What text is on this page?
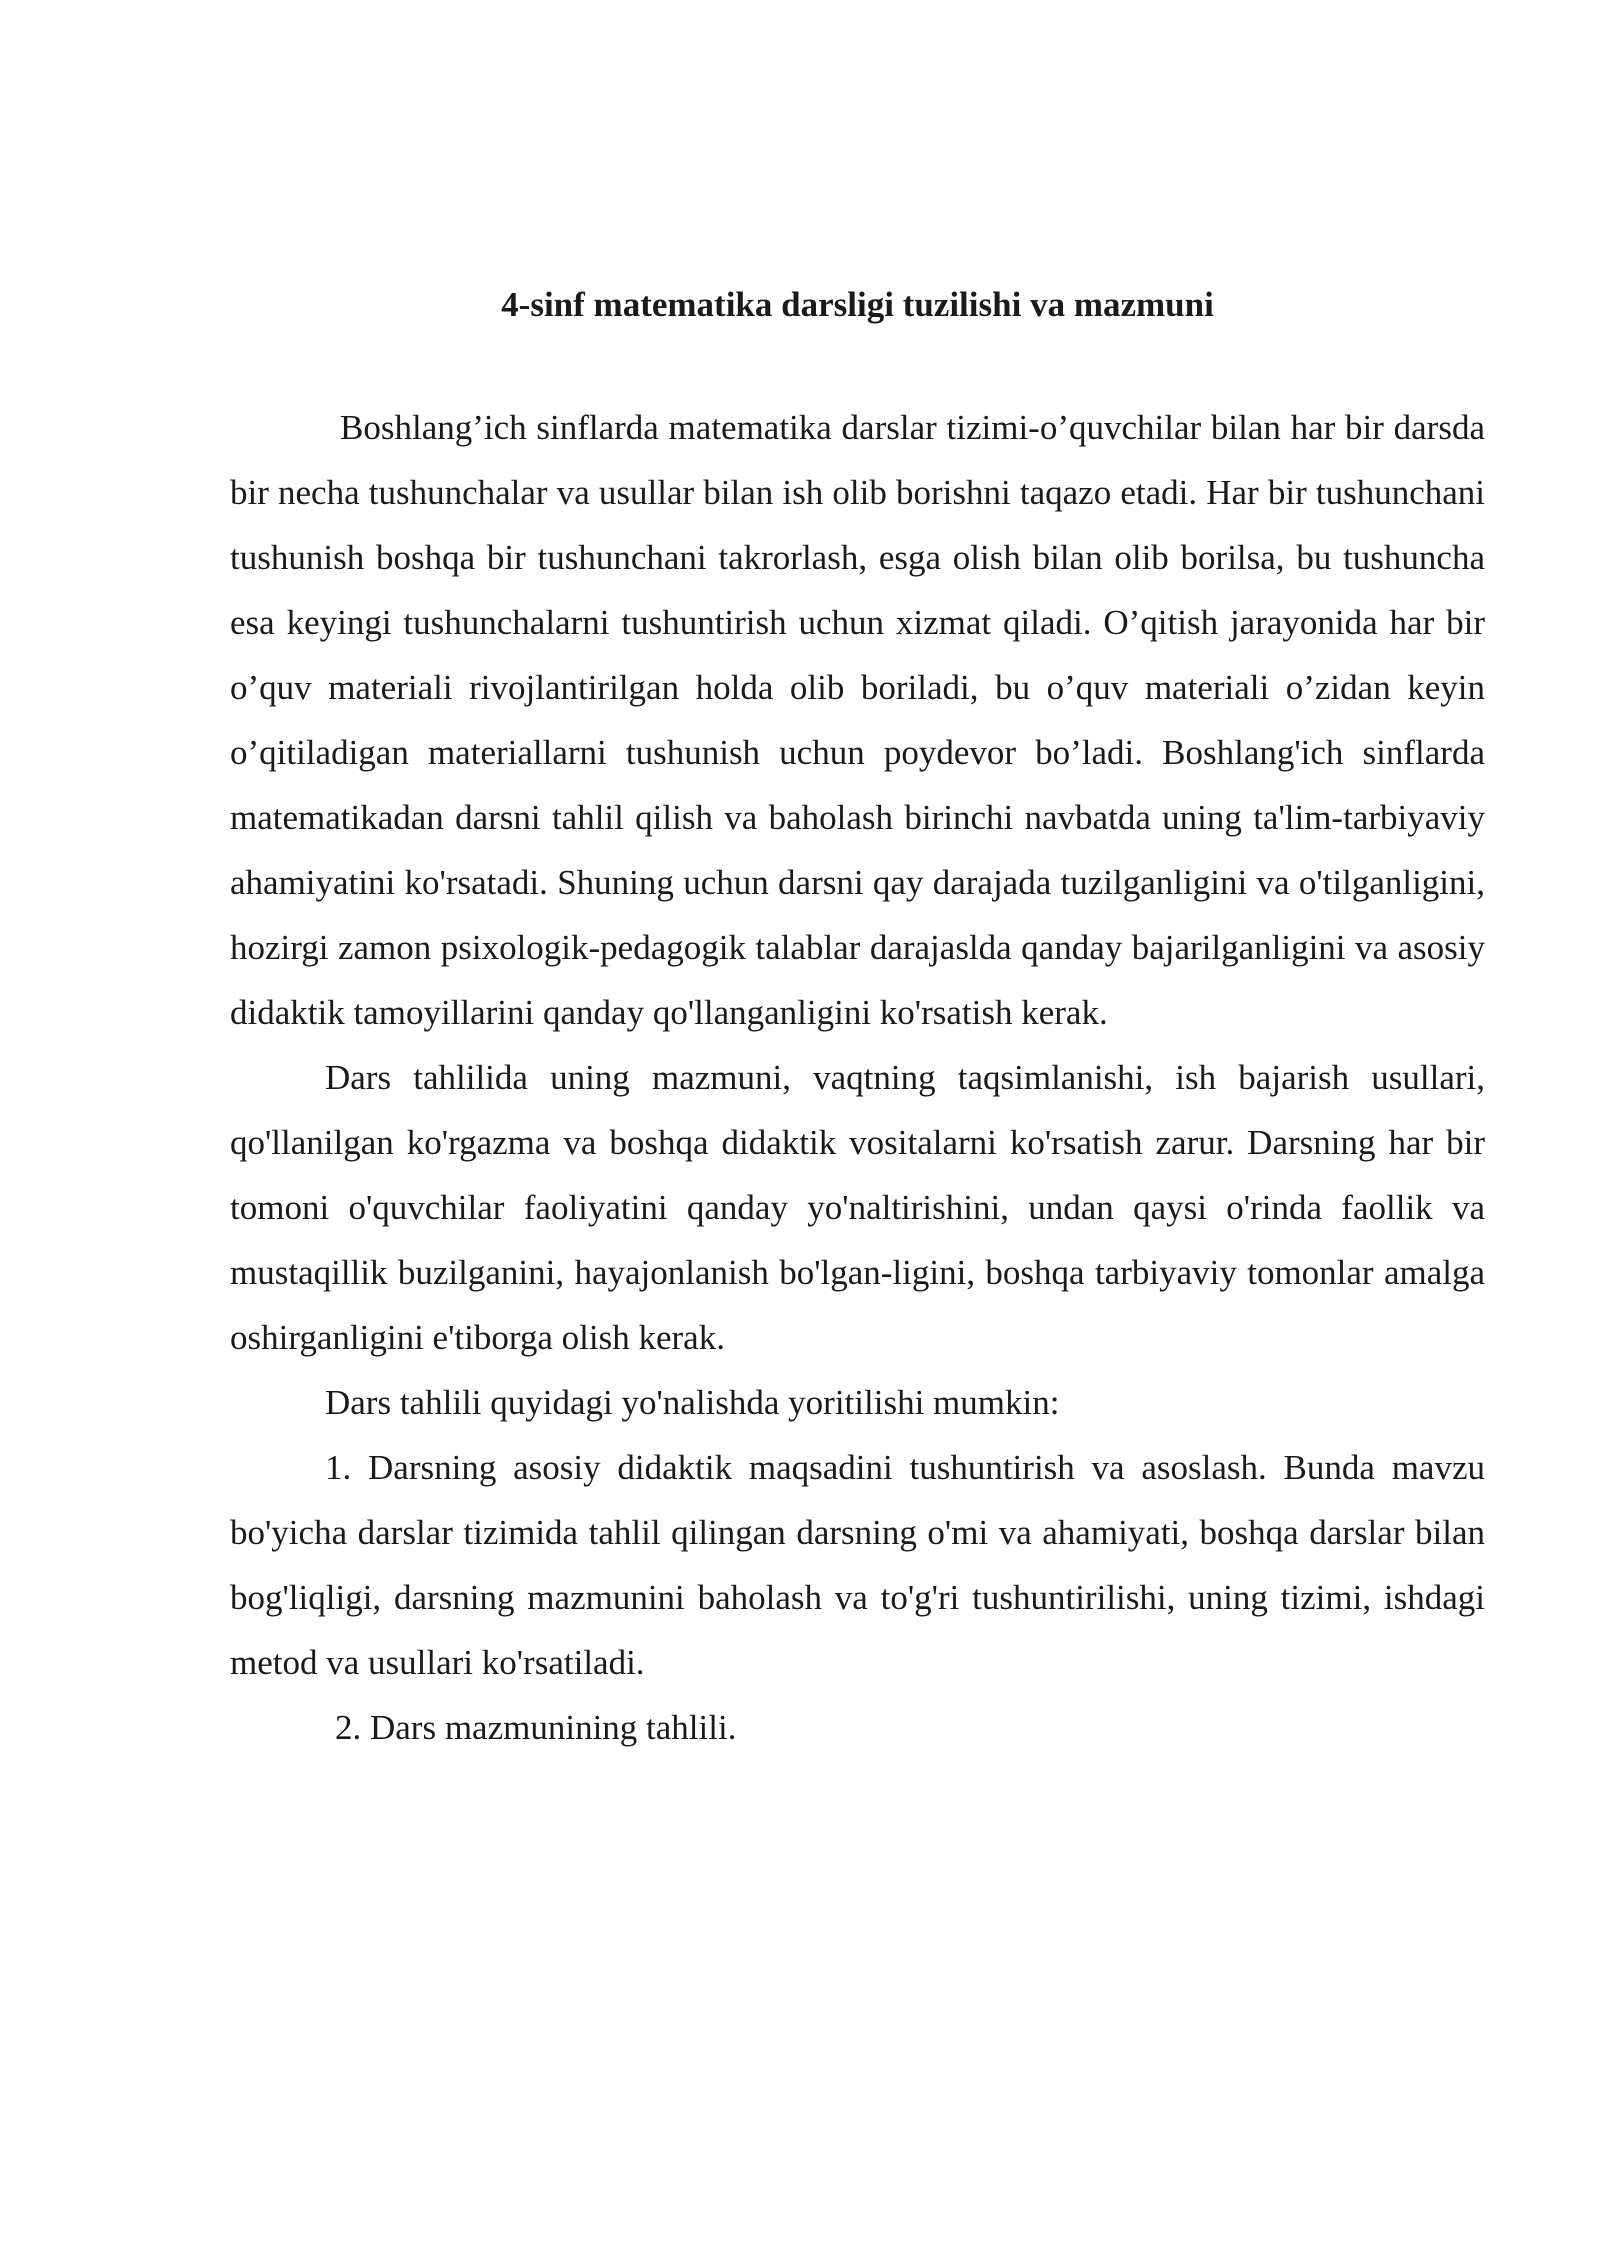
4-sinf matematika darsligi tuzilishi va mazmuni

Boshlang’ich sinflarda matematika darslar tizimi-o’quvchilar bilan har bir darsda bir necha tushunchalar va usullar bilan ish olib borishni taqazo etadi. Har bir tushunchani tushunish boshqa bir tushunchani takrorlash, esga olish bilan olib borilsa, bu tushuncha esa keyingi tushunchalarni tushuntirish uchun xizmat qiladi. O’qitish jarayonida har bir o’quv materiali rivojlantirilgan holda olib boriladi, bu o’quv materiali o’zidan keyin o’qitiladigan materiallarni tushunish uchun poydevor bo’ladi. Boshlang'ich sinflarda matematikadan darsni tahlil qilish va baholash birinchi navbatda uning ta'lim-tarbiyaviy ahamiyatini ko'rsatadi. Shuning uchun darsni qay darajada tuzilganligini va o'tilganligini, hozirgi zamon psixologik-pedagogik talablar darajaslda qanday bajarilganligini va asosiy didaktik tamoyillarini qanday qo'llanganligini ko'rsatish kerak.

Dars tahlilida uning mazmuni, vaqtning taqsimlanishi, ish bajarish usullari, qo'llanilgan ko'rgazma va boshqa didaktik vositalarni ko'rsatish zarur. Darsning har bir tomoni o'quvchilar faoliyatini qanday yo'naltirishini, undan qaysi o'rinda faollik va mustaqillik buzilganini, hayajonlanish bo'lgan-ligini, boshqa tarbiyaviy tomonlar amalga oshirganligini e'tiborga olish kerak.

Dars tahlili quyidagi yo'nalishda yoritilishi mumkin:

1. Darsning asosiy didaktik maqsadini tushuntirish va asoslash. Bunda mavzu bo'yicha darslar tizimida tahlil qilingan darsning o'mi va ahamiyati, boshqa darslar bilan bog'liqligi, darsning mazmunini baholash va to'g'ri tushuntirilishi, uning tizimi, ishdagi metod va usullari ko'rsatiladi.

2. Dars mazmunining tahlili.
